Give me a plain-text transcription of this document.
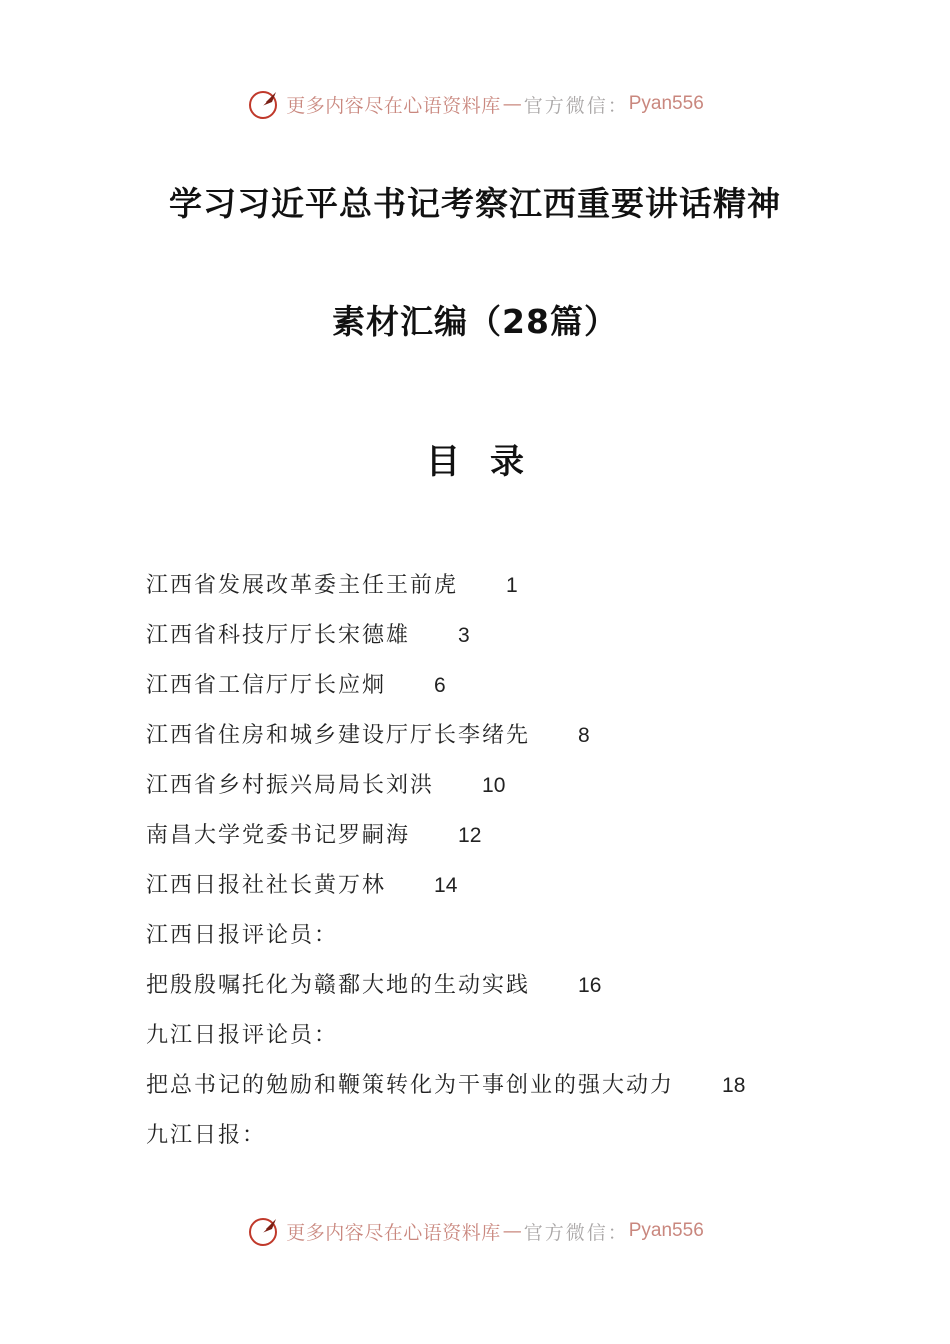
更多内容尽在心语资料库 — 官方微信： Pyan556
学习习近平总书记考察江西重要讲话精神
素材汇编（28篇）
目录
江西省发展改革委主任王前虎 1
江西省科技厅厅长宋德雄 3
江西省工信厅厅长应炯 6
江西省住房和城乡建设厅厅长李绪先 8
江西省乡村振兴局局长刘洪 10
南昌大学党委书记罗嗣海 12
江西日报社社长黄万林 14
江西日报评论员：
把殷殷嘱托化为赣鄱大地的生动实践 16
九江日报评论员：
把总书记的勉励和鞭策转化为干事创业的强大动力 18
九江日报：
更多内容尽在心语资料库 — 官方微信： Pyan556
